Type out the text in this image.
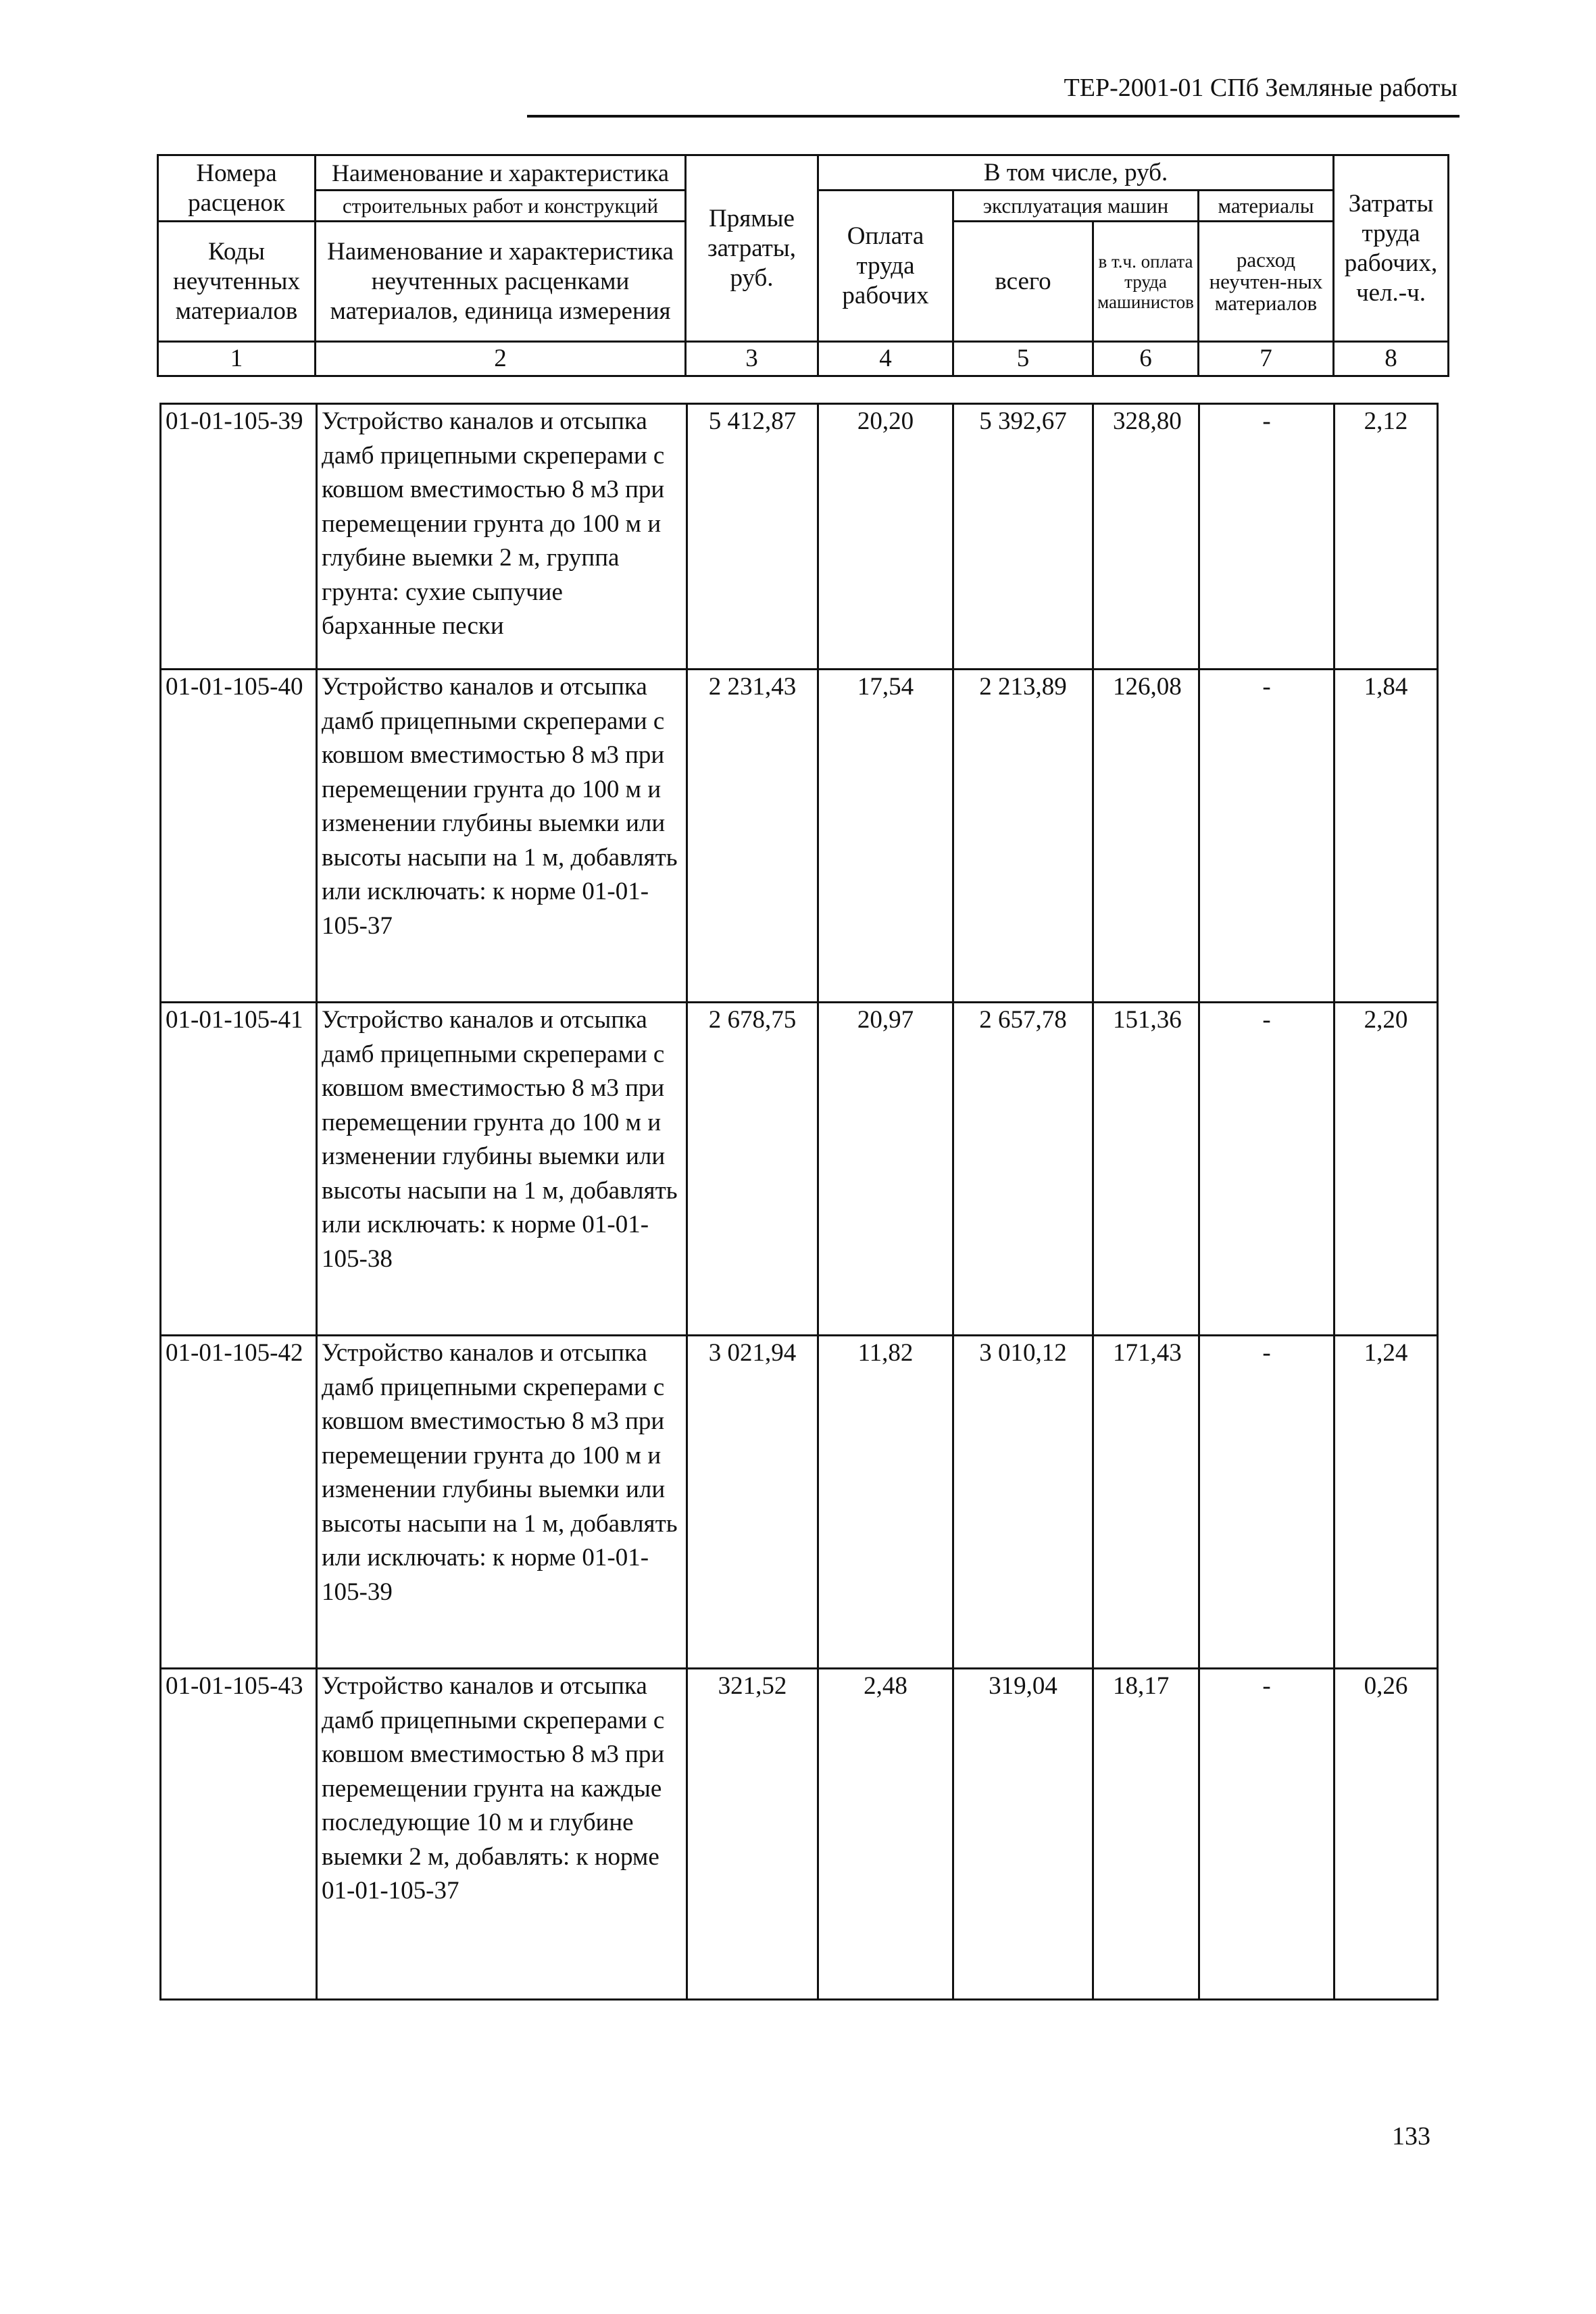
ТЕР-2001-01 СПб Земляные работы
Номера расценок	Наименование и характеристика	Прямые затраты, руб.	В том числе, руб.				Затраты труда рабочих, чел.-ч.
	строительных работ и конструкций		Оплата труда рабочих	эксплуатация машин		материалы	
Коды неучтенных материалов	Наименование и характеристика неучтенных расценками материалов, единица измерения			всего	в т.ч. оплата труда машинистов	расход неучтен-ных материалов	

1	2	3	4	5	6	7	8
01-01-105-39	Устройство каналов и отсыпка дамб прицепными скреперами с ковшом вместимостью 8 м3 при перемещении грунта до 100 м и глубине выемки 2 м, группа грунта: сухие сыпучие барханные пески	5 412,87	20,20	5 392,67	328,80	-	2,12
01-01-105-40	Устройство каналов и отсыпка дамб прицепными скреперами с ковшом вместимостью 8 м3 при перемещении грунта до 100 м и изменении глубины выемки или высоты насыпи на 1 м, добавлять или исключать: к норме 01-01-105-37	2 231,43	17,54	2 213,89	126,08	-	1,84
01-01-105-41	Устройство каналов и отсыпка дамб прицепными скреперами с ковшом вместимостью 8 м3 при перемещении грунта до 100 м и изменении глубины выемки или высоты насыпи на 1 м, добавлять или исключать: к норме 01-01-105-38	2 678,75	20,97	2 657,78	151,36	-	2,20
01-01-105-42	Устройство каналов и отсыпка дамб прицепными скреперами с ковшом вместимостью 8 м3 при перемещении грунта до 100 м и изменении глубины выемки или высоты насыпи на 1 м, добавлять или исключать: к норме 01-01-105-39	3 021,94	11,82	3 010,12	171,43	-	1,24
01-01-105-43	Устройство каналов и отсыпка дамб прицепными скреперами с ковшом вместимостью 8 м3 при перемещении грунта на каждые последующие 10 м и глубине выемки 2 м, добавлять: к норме 01-01-105-37	321,52	2,48	319,04	18,17	-	0,26
133
